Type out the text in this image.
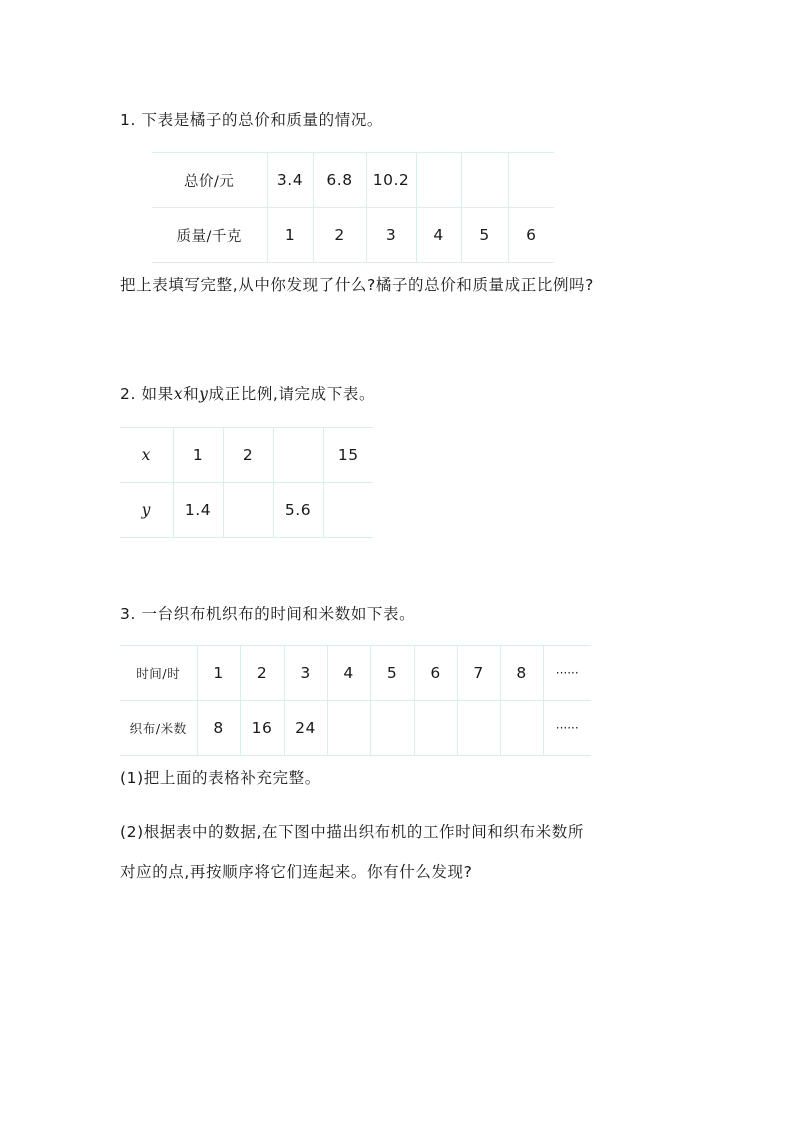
1. 下表是橘子的总价和质量的情况。
总价/元	3.4	6.8	10.2			
质量/千克	1	2	3	4	5	6
把上表填写完整,从中你发现了什么?橘子的总价和质量成正比例吗?
2. 如果x和y成正比例,请完成下表。
x	1	2		15
y	1.4		5.6	
3. 一台织布机织布的时间和米数如下表。
时间/时	1	2	3	4	5	6	7	8	······
织布/米数	8	16	24						······
(1)把上面的表格补充完整。
(2)根据表中的数据,在下图中描出织布机的工作时间和织布米数所
对应的点,再按顺序将它们连起来。你有什么发现?
